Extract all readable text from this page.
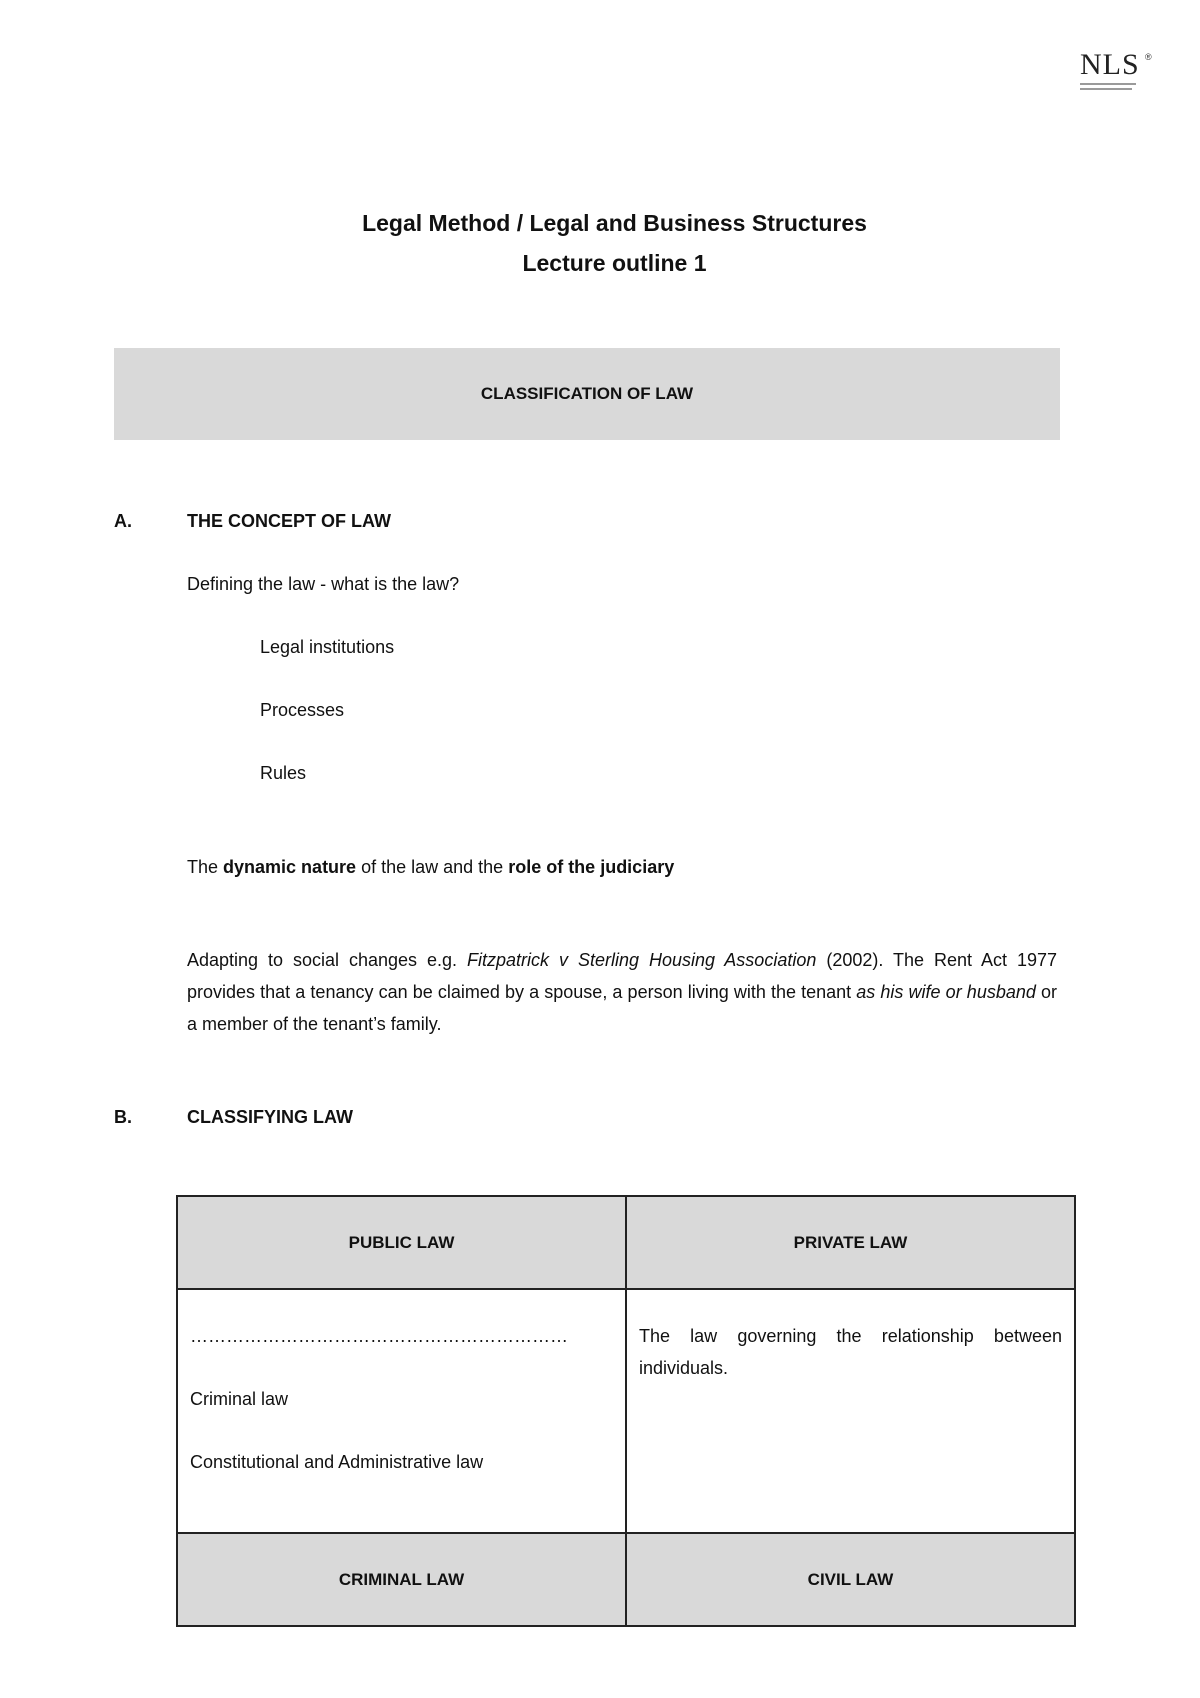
NLS ®
Legal Method / Legal and Business Structures
Lecture outline 1
CLASSIFICATION OF LAW
A.	THE CONCEPT OF LAW
Defining the law - what is the law?
Legal institutions
Processes
Rules
The dynamic nature of the law and the role of the judiciary
Adapting to social changes e.g. Fitzpatrick v Sterling Housing Association (2002). The Rent Act 1977 provides that a tenancy can be claimed by a spouse, a person living with the tenant as his wife or husband or a member of the tenant’s family.
B.	CLASSIFYING LAW
PUBLIC LAW	PRIVATE LAW

………………………………………………………

Criminal law

Constitutional and Administrative law	The law governing the relationship between individuals.

CRIMINAL LAW	CIVIL LAW
